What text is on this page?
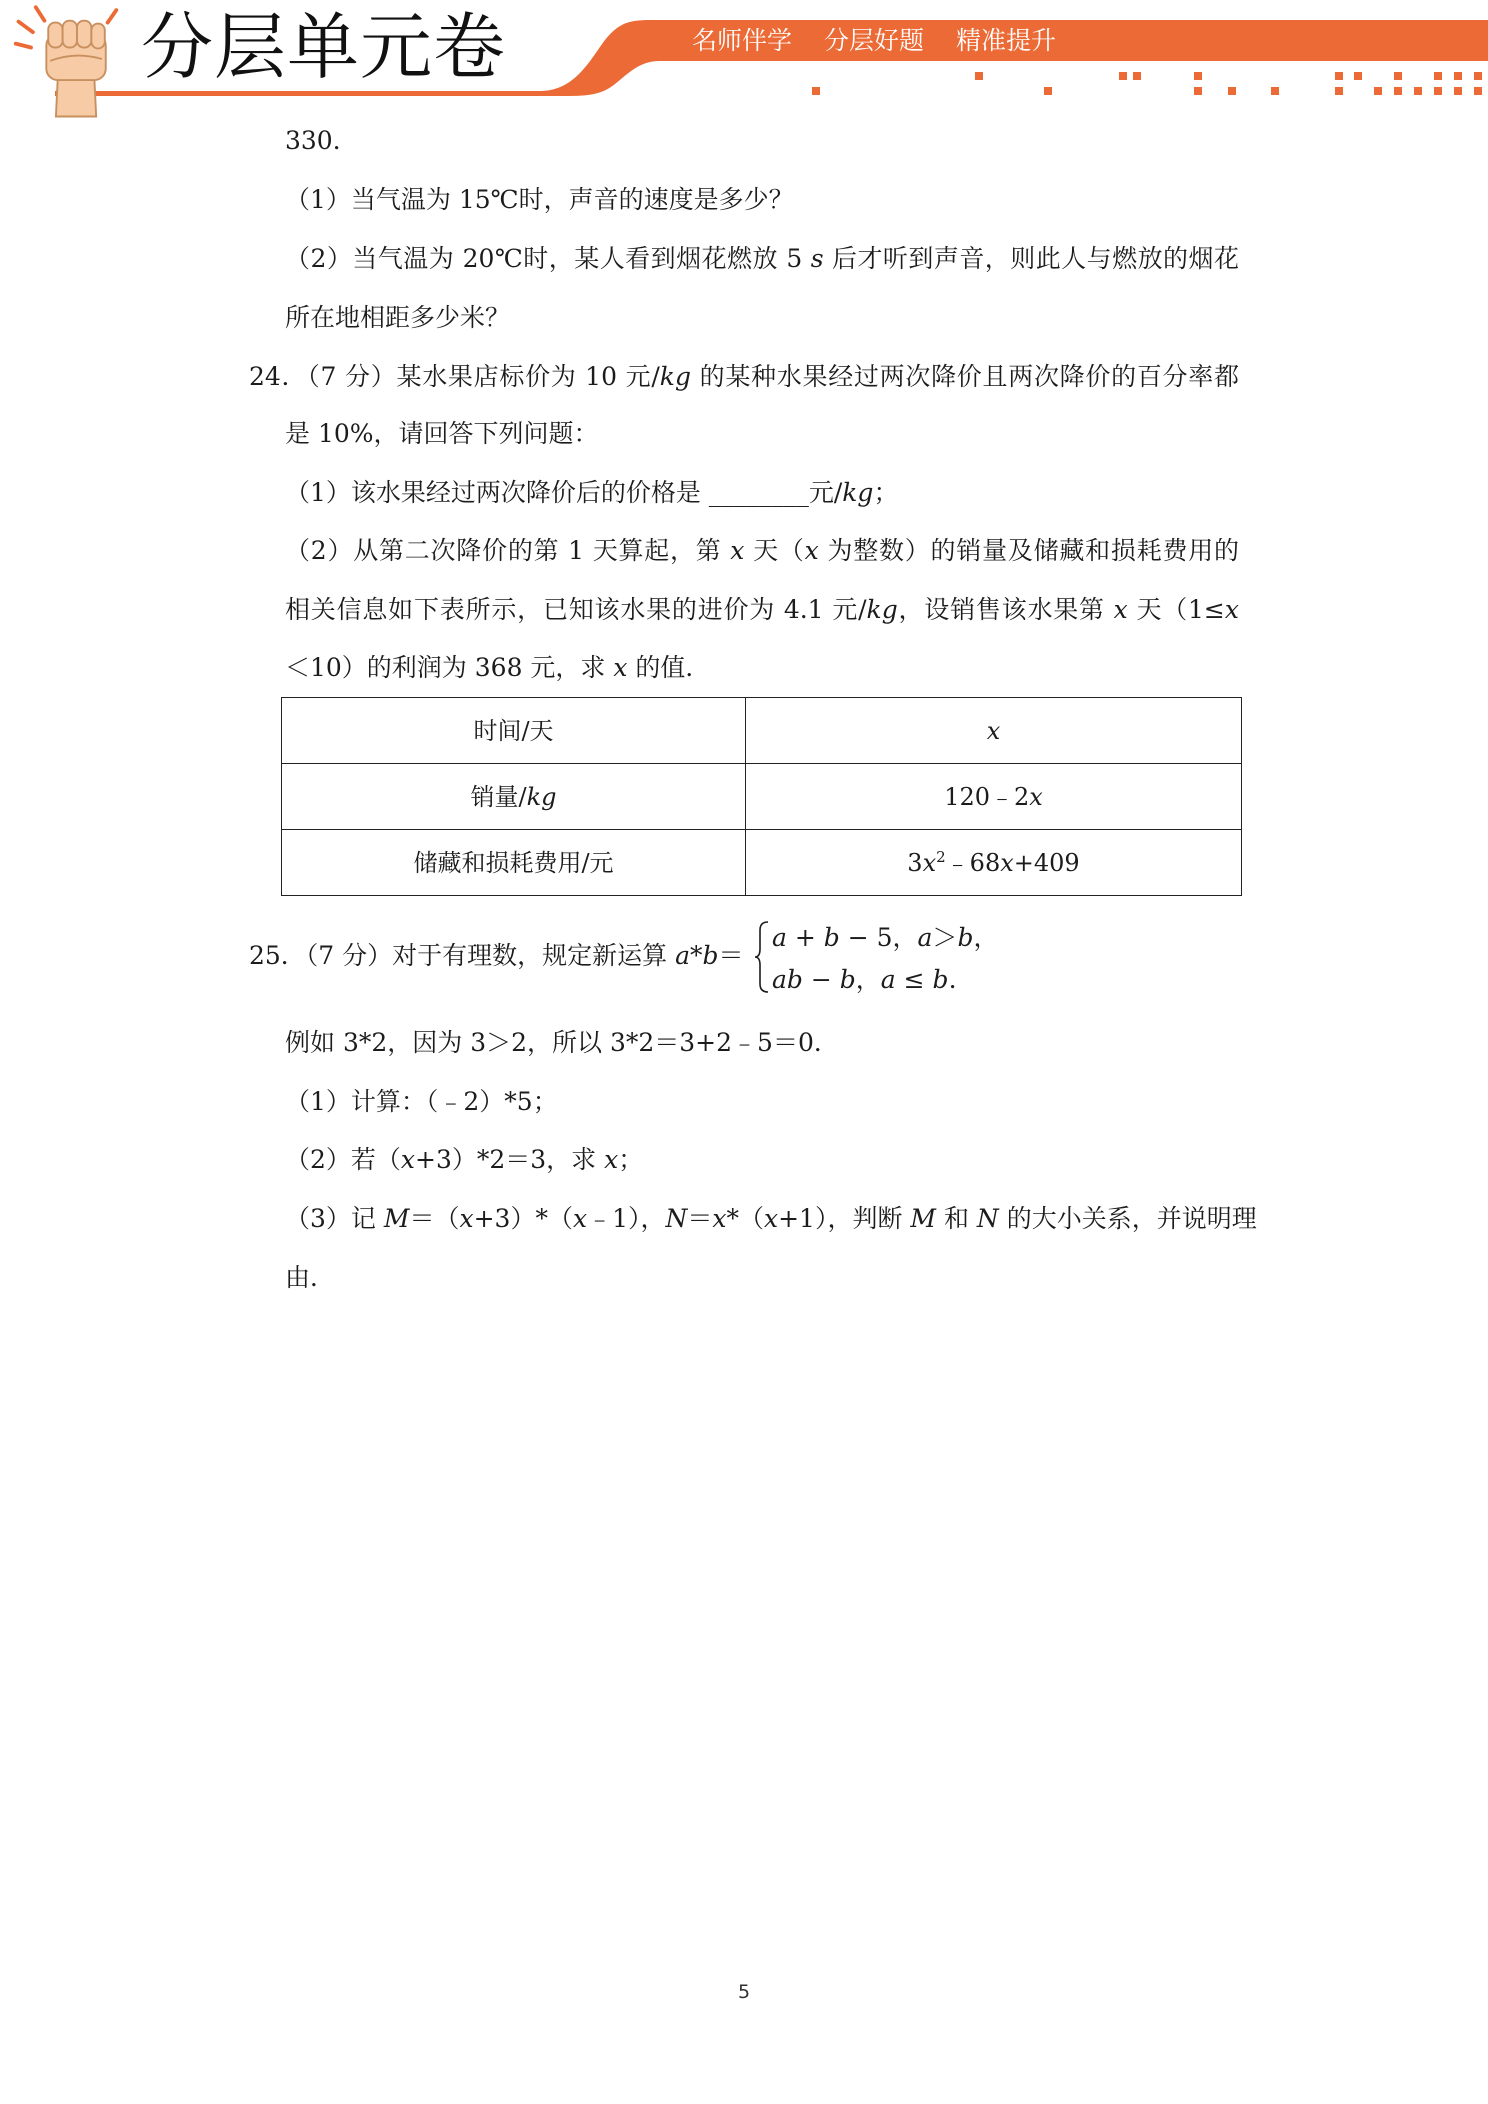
分层单元卷	名师伴学 分层好题 精准提升
330．
（1）当气温为 15℃时，声音的速度是多少？
（2）当气温为 20℃时，某人看到烟花燃放 5 s 后才听到声音，则此人与燃放的烟花
所在地相距多少米？
24．（7 分）某水果店标价为 10 元/kg 的某种水果经过两次降价且两次降价的百分率都
是 10%，请回答下列问题：
（1）该水果经过两次降价后的价格是 ________元/kg；
（2）从第二次降价的第 1 天算起，第 x 天（x 为整数）的销量及储藏和损耗费用的
相关信息如下表所示，已知该水果的进价为 4.1 元/kg，设销售该水果第 x 天（1≤x
＜10）的利润为 368 元，求 x 的值．
时间/天	x
销量/kg	120﹣2x
储藏和损耗费用/元	$3x^2﹣68x+409$
25．（7 分）对于有理数，规定新运算 a*b＝
a + b − 5，a＞b，
ab − b，a ≤ b.
例如 3*2，因为 3＞2，所以 3*2＝3+2﹣5＝0．
（1）计算：（﹣2）*5；
（2）若（x+3）*2＝3，求 x；
（3）记 M＝（x+3）*（x﹣1），N＝x*（x+1），判断 M 和 N 的大小关系，并说明理
由．
5
